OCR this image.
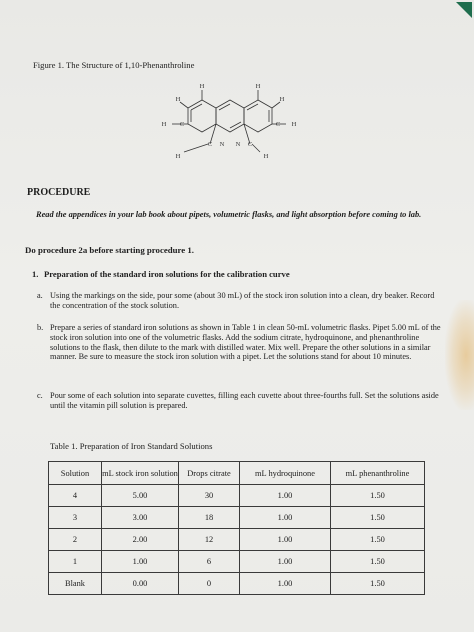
Figure 1. The Structure of 1,10-Phenanthroline
H	H
H	H
H	H
H	H
C	C
C	C
N N
PROCEDURE
Read the appendices in your lab book about pipets, volumetric flasks, and light absorption before coming to lab.
Do procedure 2a before starting procedure 1.
1. Preparation of the standard iron solutions for the calibration curve
a. Using the markings on the side, pour some (about 30 mL) of the stock iron solution into a clean, dry beaker. Record the concentration of the stock solution.
b. Prepare a series of standard iron solutions as shown in Table 1 in clean 50-mL volumetric flasks. Pipet 5.00 mL of the stock iron solution into one of the volumetric flasks. Add the sodium citrate, hydroquinone, and phenanthroline solutions to the flask, then dilute to the mark with distilled water. Mix well. Prepare the other solutions in a similar manner. Be sure to measure the stock iron solution with a pipet. Let the solutions stand for about 10 minutes.
c. Pour some of each solution into separate cuvettes, filling each cuvette about three-fourths full. Set the solutions aside until the vitamin pill solution is prepared.
Table 1. Preparation of Iron Standard Solutions
Solution	mL stock iron solution	Drops citrate	mL hydroquinone	mL phenanthroline
4	5.00	30	1.00	1.50
3	3.00	18	1.00	1.50
2	2.00	12	1.00	1.50
1	1.00	6	1.00	1.50
Blank	0.00	0	1.00	1.50
